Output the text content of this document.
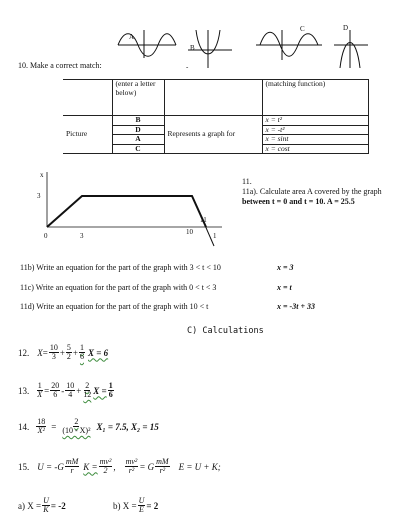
A
B
C	D
-
10. Make a correct match:
	(enter a letter below)		(matching function)
Picture	B	Represents a graph for	x = t²
	D		x = -t²
	A		x = sint
	C		x = cost
x
3
0	3	10
11
1
11.
11a). Calculate area A covered by the graph
between t = 0 and t = 10. A = 25.5
11b) Write an equation for the part of the graph with 3 < t < 10	x = 3
11c) Write an equation for the part of the graph with 0 < t < 3	x = t
11d) Write an equation for the part of the graph with 10 < t	x = -3t + 33
C) Calculations
12. $X = \frac{10}{3} + \frac{5}{2} + \frac{1}{6}$ X = 6
13. $\frac{1}{X} = \frac{20}{6} - \frac{10}{4} + \frac{2}{12}$ $X = \frac{1}{6}$
14. $\frac{18}{\text{X²}} = \frac{2}{\text{(10 - X)²}} X_1 = 7.5$, X₂ = 15
15. $U = -G \frac{mM}{r}$ $K = \frac{\text{mv²}}{2}$ , $\frac{\text{mv²}}{\text{r²}} = G \frac{mM}{\text{r²}}$ E = U + K;
a) $X = \frac{U}{K} = -2$	b) $X = \frac{U}{E} = 2$
